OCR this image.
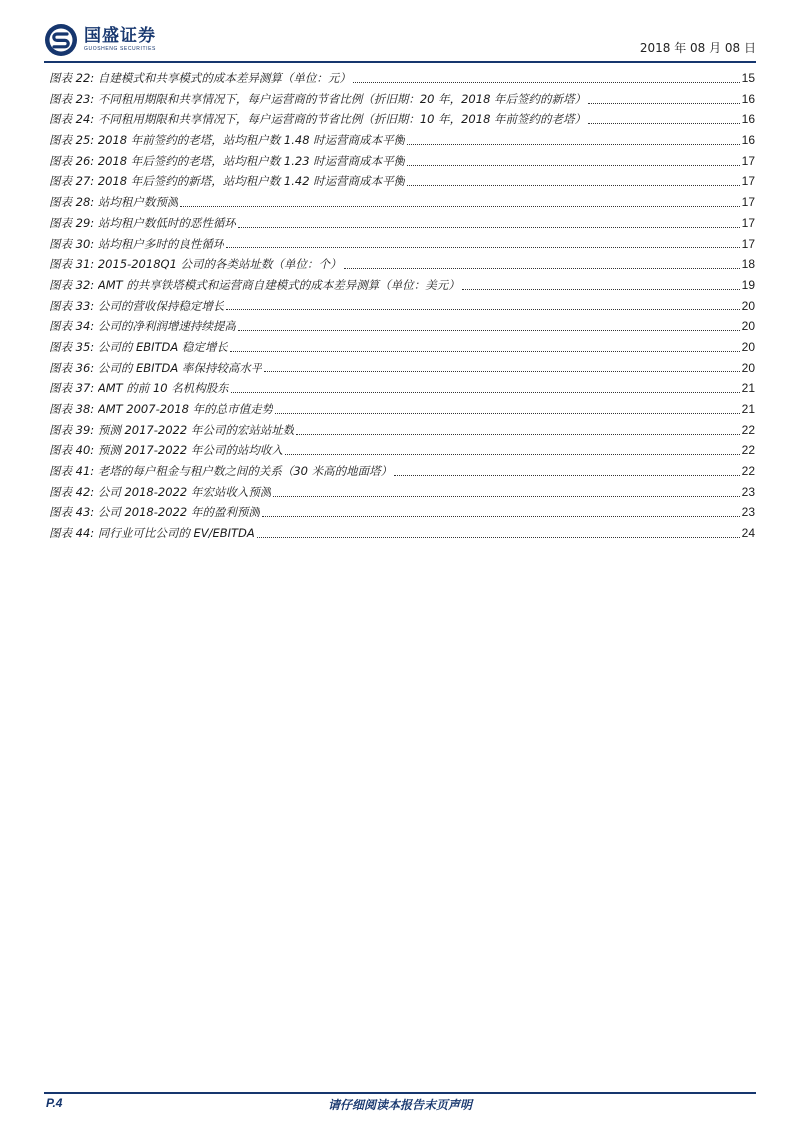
国盛证券
GUOSHENG SECURITIES	2018 年 08 月 08 日
图表 22:
自建模式和共享模式的成本差异测算（单位：元）	15
图表 23:
不同租用期限和共享情况下，每户运营商的节省比例（折旧期：20 年，2018 年后签约的新塔）	16
图表 24:
不同租用期限和共享情况下，每户运营商的节省比例（折旧期：10 年，2018 年前签约的老塔）	16
图表 25:
2018 年前签约的老塔，站均租户数 1.48 时运营商成本平衡	16
图表 26:
2018 年后签约的老塔，站均租户数 1.23 时运营商成本平衡	17
图表 27:
2018 年后签约的新塔，站均租户数 1.42 时运营商成本平衡	17
图表 28:
站均租户数预测	17
图表 29:
站均租户数低时的恶性循环	17
图表 30:
站均租户多时的良性循环	17
图表 31:
2015-2018Q1 公司的各类站址数（单位：个）	18
图表 32:
AMT 的共享铁塔模式和运营商自建模式的成本差异测算（单位：美元）	19
图表 33:
公司的营收保持稳定增长	20
图表 34:
公司的净利润增速持续提高	20
图表 35:
公司的 EBITDA 稳定增长	20
图表 36:
公司的 EBITDA 率保持较高水平	20
图表 37:
AMT 的前 10 名机构股东	21
图表 38:
AMT 2007-2018 年的总市值走势	21
图表 39:
预测 2017-2022 年公司的宏站站址数	22
图表 40:
预测 2017-2022 年公司的站均收入	22
图表 41:
老塔的每户租金与租户数之间的关系（30 米高的地面塔）	22
图表 42:
公司 2018-2022 年宏站收入预测	23
图表 43:
公司 2018-2022 年的盈利预测	23
图表 44:
同行业可比公司的 EV/EBITDA	24
P.4	请仔细阅读本报告末页声明
